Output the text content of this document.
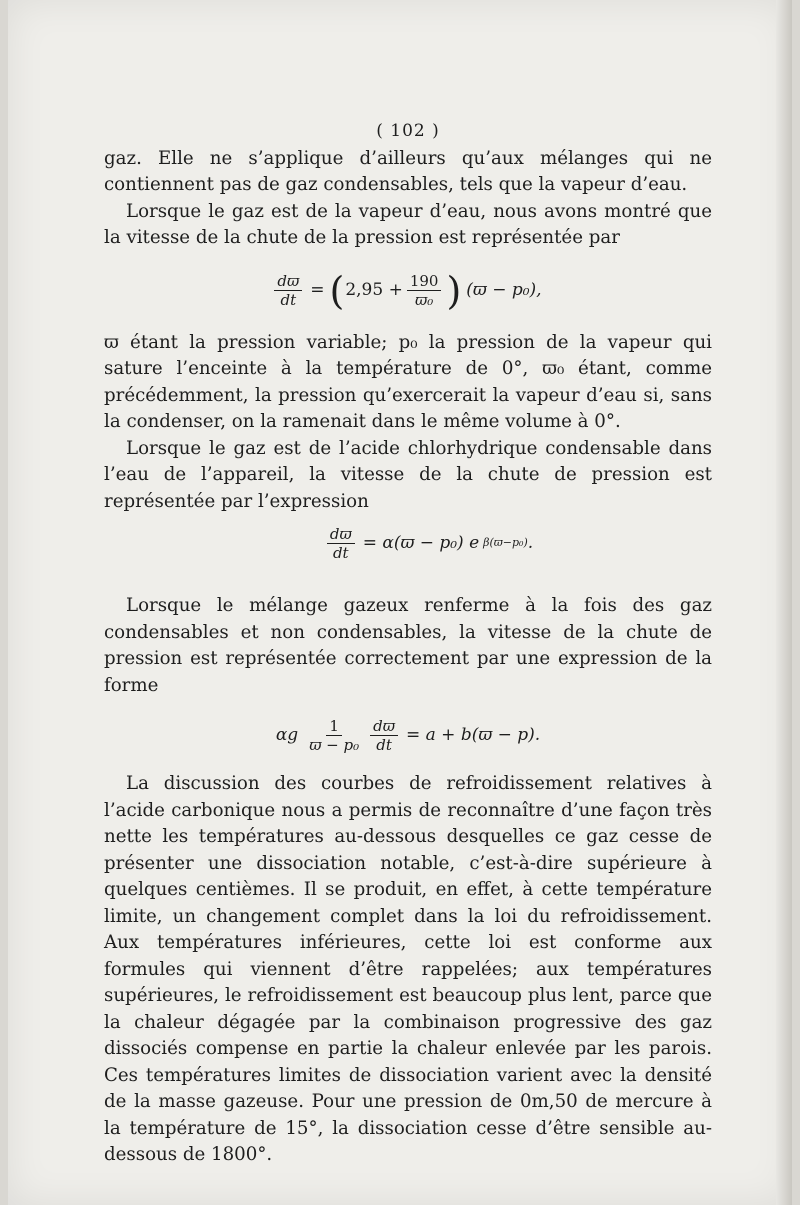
( 102 )

gaz. Elle ne s’applique d’ailleurs qu’aux mélanges qui ne contiennent pas de gaz condensables, tels que la vapeur d’eau.

Lorsque le gaz est de la vapeur d’eau, nous avons montré que la vitesse de la chute de la pression est représentée par

$\frac{dϖ}{dt}$ = ( $2,95 + \frac{190}{\text{ϖ₀}}$ ) (ϖ − p₀),

ϖ étant la pression variable; p₀ la pression de la vapeur qui sature l’enceinte à la température de 0°, ϖ₀ étant, comme précédemment, la pression qu’exercerait la vapeur d’eau si, sans la condenser, on la ramenait dans le même volume à 0°.

Lorsque le gaz est de l’acide chlorhydrique condensable dans l’eau de l’appareil, la vitesse de la chute de pression est représentée par l’expression

$\frac{dϖ}{dt} = \alpha(ϖ - p_0)$ e β(ϖ−p₀) .

Lorsque le mélange gazeux renferme à la fois des gaz condensables et non condensables, la vitesse de la chute de pression est représentée correctement par une expression de la forme

αg $\frac{1}{\text{ϖ − p₀}} \frac{dϖ}{dt} = a + b(ϖ - p)$.

La discussion des courbes de refroidissement relatives à l’acide carbonique nous a permis de reconnaître d’une façon très nette les températures au-dessous desquelles ce gaz cesse de présenter une dissociation notable, c’est-à-dire supérieure à quelques centièmes. Il se produit, en effet, à cette température limite, un changement complet dans la loi du refroidissement. Aux températures inférieures, cette loi est conforme aux formules qui viennent d’être rappelées; aux températures supérieures, le refroidissement est beaucoup plus lent, parce que la chaleur dégagée par la combinaison progressive des gaz dissociés compense en partie la chaleur enlevée par les parois. Ces températures limites de dissociation varient avec la densité de la masse gazeuse. Pour une pression de 0m,50 de mercure à la température de 15°, la dissociation cesse d’être sensible au-dessous de 1800°.
